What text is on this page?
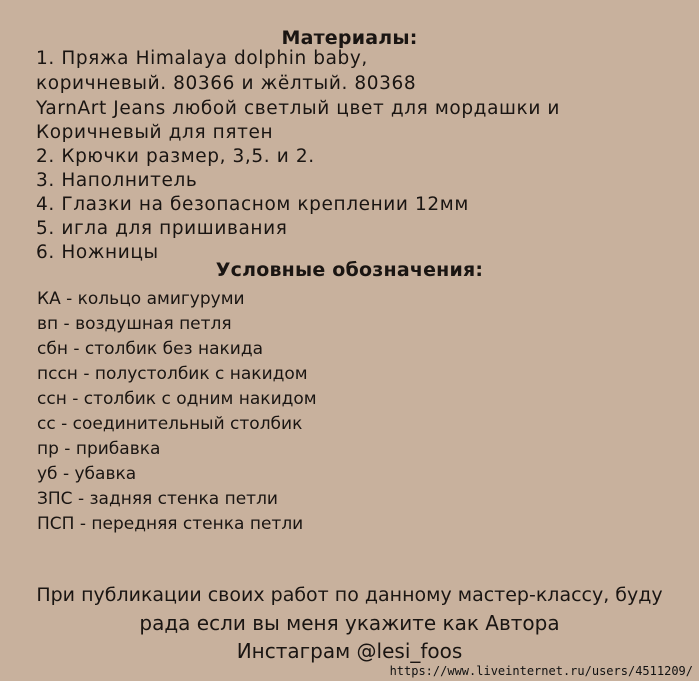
Материалы:
1. Пряжа Himalaya dolphin baby,
коричневый. 80366 и жёлтый. 80368
YarnArt Jeans любой светлый цвет для мордашки и
Коричневый для пятен
2. Крючки размер, 3,5. и 2.
3. Наполнитель
4. Глазки на безопасном креплении 12мм
5. игла для пришивания
6. Ножницы
Условные обозначения:
КА - кольцо амигуруми
вп - воздушная петля
сбн - столбик без накида
пссн - полустолбик с накидом
ссн - столбик с одним накидом
сс - соединительный столбик
пр - прибавка
уб - убавка
ЗПС - задняя стенка петли
ПСП - передняя стенка петли
При публикации своих работ по данному мастер-классу, буду
рада если вы меня укажите как Автора
Инстаграм @lesi_foos
https://www.liveinternet.ru/users/4511209/
